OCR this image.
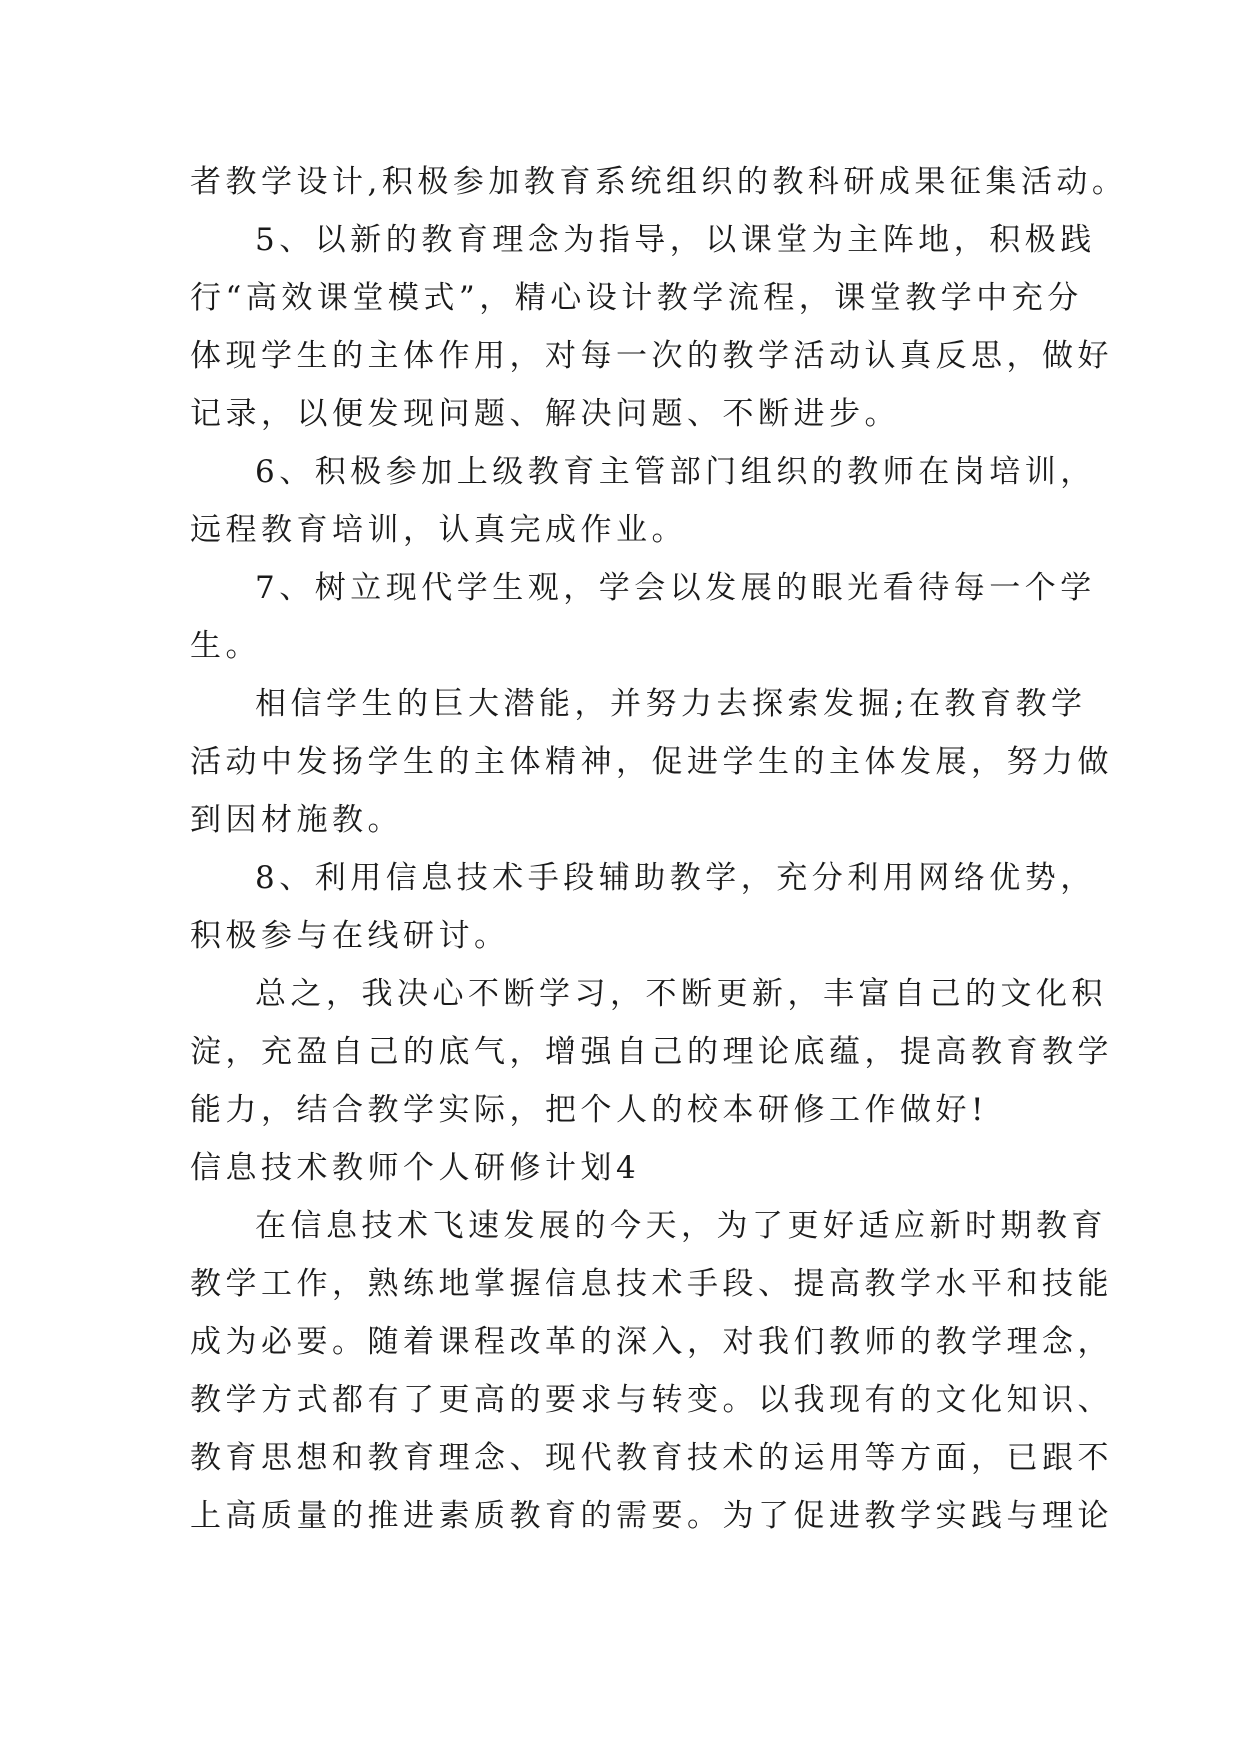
者教学设计,积极参加教育系统组织的教科研成果征集活动。
5、以新的教育理念为指导，以课堂为主阵地，积极践
行“高效课堂模式”，精心设计教学流程，课堂教学中充分
体现学生的主体作用，对每一次的教学活动认真反思，做好
记录，以便发现问题、解决问题、不断进步。
6、积极参加上级教育主管部门组织的教师在岗培训，
远程教育培训，认真完成作业。
7、树立现代学生观，学会以发展的眼光看待每一个学
生。
相信学生的巨大潜能，并努力去探索发掘;在教育教学
活动中发扬学生的主体精神，促进学生的主体发展，努力做
到因材施教。
8、利用信息技术手段辅助教学，充分利用网络优势，
积极参与在线研讨。
总之，我决心不断学习，不断更新，丰富自己的文化积
淀，充盈自己的底气，增强自己的理论底蕴，提高教育教学
能力，结合教学实际，把个人的校本研修工作做好!
信息技术教师个人研修计划4
在信息技术飞速发展的今天，为了更好适应新时期教育
教学工作，熟练地掌握信息技术手段、提高教学水平和技能
成为必要。随着课程改革的深入，对我们教师的教学理念，
教学方式都有了更高的要求与转变。以我现有的文化知识、
教育思想和教育理念、现代教育技术的运用等方面，已跟不
上高质量的推进素质教育的需要。为了促进教学实践与理论
